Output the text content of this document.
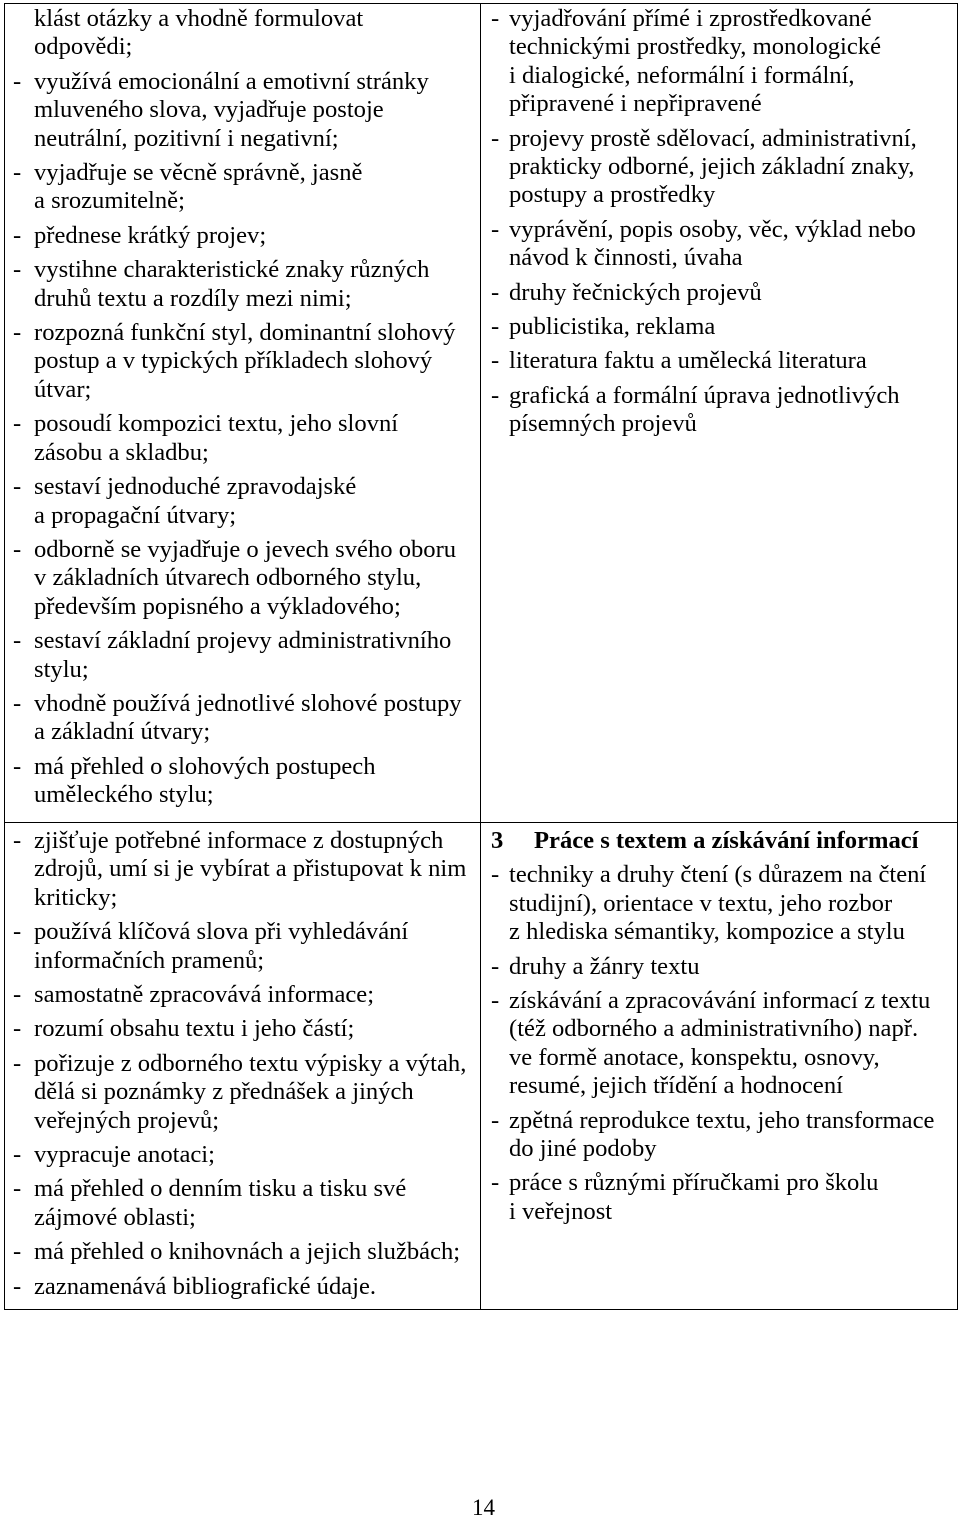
klást otázky a vhodně formulovat
odpovědi;
- využívá emocionální a emotivní stránky
mluveného slova, vyjadřuje postoje
neutrální, pozitivní i negativní;
- vyjadřuje se věcně správně, jasně
a srozumitelně;
- přednese krátký projev;
- vystihne charakteristické znaky různých
druhů textu a rozdíly mezi nimi;
- rozpozná funkční styl, dominantní slohový
postup a v typických příkladech slohový
útvar;
- posoudí kompozici textu, jeho slovní
zásobu a skladbu;
- sestaví jednoduché zpravodajské
a propagační útvary;
- odborně se vyjadřuje o jevech svého oboru
v základních útvarech odborného stylu,
především popisného a výkladového;
- sestaví základní projevy administrativního
stylu;
- vhodně používá jednotlivé slohové postupy
a základní útvary;
- má přehled o slohových postupech
uměleckého stylu;
- vyjadřování přímé i zprostředkované
technickými prostředky, monologické
i dialogické, neformální i formální,
připravené i nepřipravené
- projevy prostě sdělovací, administrativní,
prakticky odborné, jejich základní znaky,
postupy a prostředky
- vyprávění, popis osoby, věc, výklad nebo
návod k činnosti, úvaha
- druhy řečnických projevů
- publicistika, reklama
- literatura faktu a umělecká literatura
- grafická a formální úprava jednotlivých
písemných projevů
- zjišťuje potřebné informace z dostupných
zdrojů, umí si je vybírat a přistupovat k nim
kriticky;
- používá klíčová slova při vyhledávání
informačních pramenů;
- samostatně zpracovává informace;
- rozumí obsahu textu i jeho částí;
- pořizuje z odborného textu výpisky a výtah,
dělá si poznámky z přednášek a jiných
veřejných projevů;
- vypracuje anotaci;
- má přehled o denním tisku a tisku své
zájmové oblasti;
- má přehled o knihovnách a jejich službách;
- zaznamenává bibliografické údaje.
3 Práce s textem a získávání informací
- techniky a druhy čtení (s důrazem na čtení
studijní), orientace v textu, jeho rozbor
z hlediska sémantiky, kompozice a stylu
- druhy a žánry textu
- získávání a zpracovávání informací z textu
(též odborného a administrativního) např.
ve formě anotace, konspektu, osnovy,
resumé, jejich třídění a hodnocení
- zpětná reprodukce textu, jeho transformace
do jiné podoby
- práce s různými příručkami pro školu
i veřejnost
14
